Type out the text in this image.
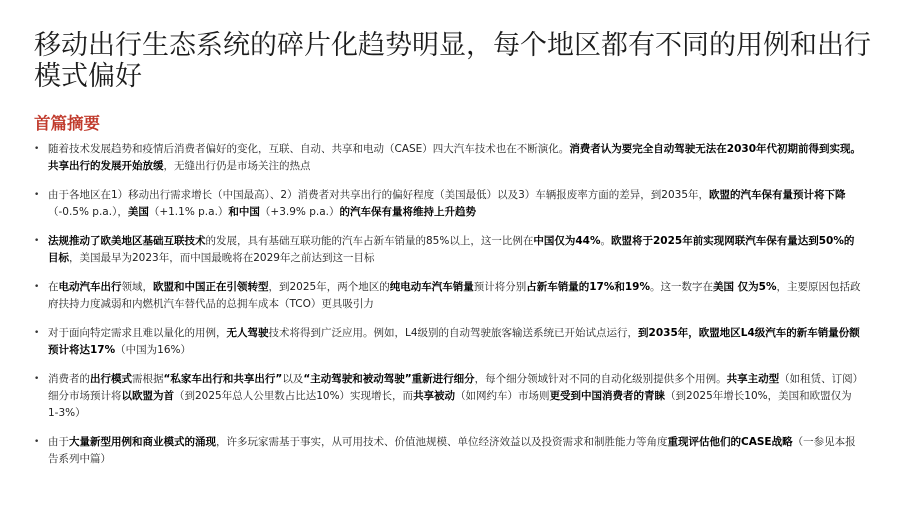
移动出行生态系统的碎片化趋势明显，每个地区都有不同的用例和出行模式偏好
首篇摘要
• 随着技术发展趋势和疫情后消费者偏好的变化，互联、自动、共享和电动（CASE）四大汽车技术也在不断演化。消费者认为要完全自动驾驶无法在2030年代初期前得到实现。共享出行的发展开始放缓，无缝出行仍是市场关注的热点
• 由于各地区在1）移动出行需求增长（中国最高）、2）消费者对共享出行的偏好程度（美国最低）以及3）车辆报废率方面的差异，到2035年，欧盟的汽车保有量预计将下降（-0.5% p.a.），美国（+1.1% p.a.）和中国（+3.9% p.a.）的汽车保有量将维持上升趋势
• 法规推动了欧美地区基础互联技术的发展，具有基础互联功能的汽车占新车销量的85%以上，这一比例在中国仅为44%。欧盟将于2025年前实现网联汽车保有量达到50%的目标，美国最早为2023年，而中国最晚将在2029年之前达到这一目标
• 在电动汽车出行领域，欧盟和中国正在引领转型，到2025年，两个地区的纯电动车汽车销量预计将分别占新车销量的17%和19%。这一数字在美国 仅为5%，主要原因包括政府扶持力度减弱和内燃机汽车替代品的总拥车成本（TCO）更具吸引力
• 对于面向特定需求且难以量化的用例，无人驾驶技术将得到广泛应用。例如，L4级别的自动驾驶旅客输送系统已开始试点运行，到2035年，欧盟地区L4级汽车的新车销量份额预计将达17%（中国为16%）
• 消费者的出行模式需根据“私家车出行和共享出行”以及“主动驾驶和被动驾驶”重新进行细分，每个细分领域针对不同的自动化级别提供多个用例。共享主动型（如租赁、订阅）细分市场预计将以欧盟为首（到2025年总人公里数占比达10%）实现增长，而共享被动（如网约车）市场则更受到中国消费者的青睐（到2025年增长10%，美国和欧盟仅为1-3%）
• 由于大量新型用例和商业模式的涌现，许多玩家需基于事实，从可用技术、价值池规模、单位经济效益以及投资需求和制胜能力等角度重现评估他们的CASE战略（一参见本报告系列中篇）
